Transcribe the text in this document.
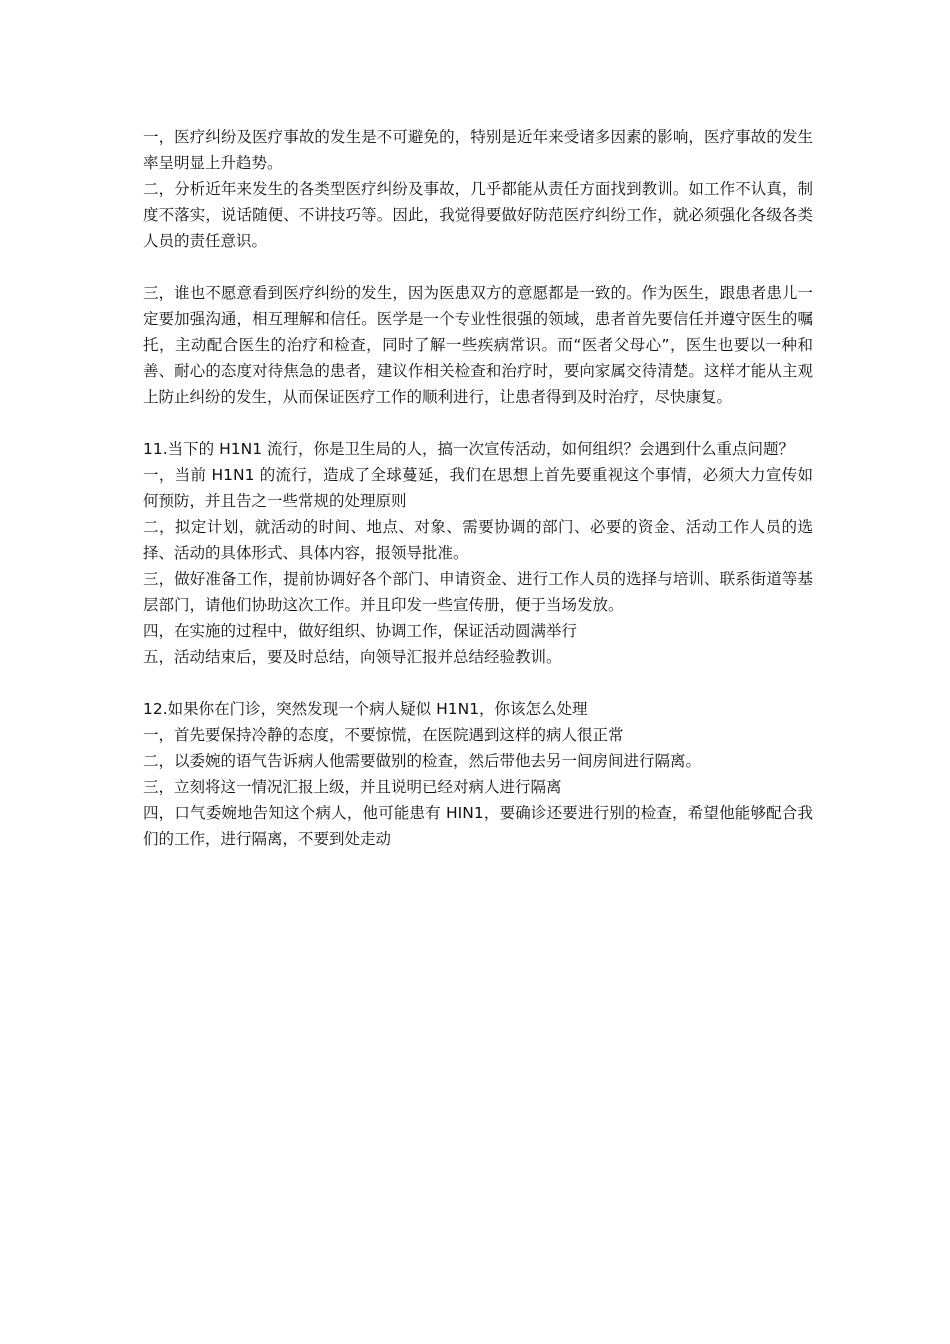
一，医疗纠纷及医疗事故的发生是不可避免的，特别是近年来受诸多因素的影响，医疗事故的发生率呈明显上升趋势。

二，分析近年来发生的各类型医疗纠纷及事故，几乎都能从责任方面找到教训。如工作不认真，制度不落实，说话随便、不讲技巧等。因此，我觉得要做好防范医疗纠纷工作，就必须强化各级各类人员的责任意识。

三，谁也不愿意看到医疗纠纷的发生，因为医患双方的意愿都是一致的。作为医生，跟患者患儿一定要加强沟通，相互理解和信任。医学是一个专业性很强的领域，患者首先要信任并遵守医生的嘱托，主动配合医生的治疗和检查，同时了解一些疾病常识。而“医者父母心”，医生也要以一种和善、耐心的态度对待焦急的患者，建议作相关检查和治疗时，要向家属交待清楚。这样才能从主观上防止纠纷的发生，从而保证医疗工作的顺利进行，让患者得到及时治疗，尽快康复。

11.当下的 H1N1 流行，你是卫生局的人，搞一次宣传活动，如何组织？会遇到什么重点问题？

一，当前 H1N1 的流行，造成了全球蔓延，我们在思想上首先要重视这个事情，必须大力宣传如何预防，并且告之一些常规的处理原则

二，拟定计划，就活动的时间、地点、对象、需要协调的部门、必要的资金、活动工作人员的选择、活动的具体形式、具体内容，报领导批准。

三，做好准备工作，提前协调好各个部门、申请资金、进行工作人员的选择与培训、联系街道等基层部门，请他们协助这次工作。并且印发一些宣传册，便于当场发放。

四，在实施的过程中，做好组织、协调工作，保证活动圆满举行

五，活动结束后，要及时总结，向领导汇报并总结经验教训。

12.如果你在门诊，突然发现一个病人疑似 H1N1，你该怎么处理

一，首先要保持冷静的态度，不要惊慌，在医院遇到这样的病人很正常

二，以委婉的语气告诉病人他需要做别的检查，然后带他去另一间房间进行隔离。

三，立刻将这一情况汇报上级，并且说明已经对病人进行隔离

四，口气委婉地告知这个病人，他可能患有 HIN1，要确诊还要进行别的检查，希望他能够配合我们的工作，进行隔离，不要到处走动
